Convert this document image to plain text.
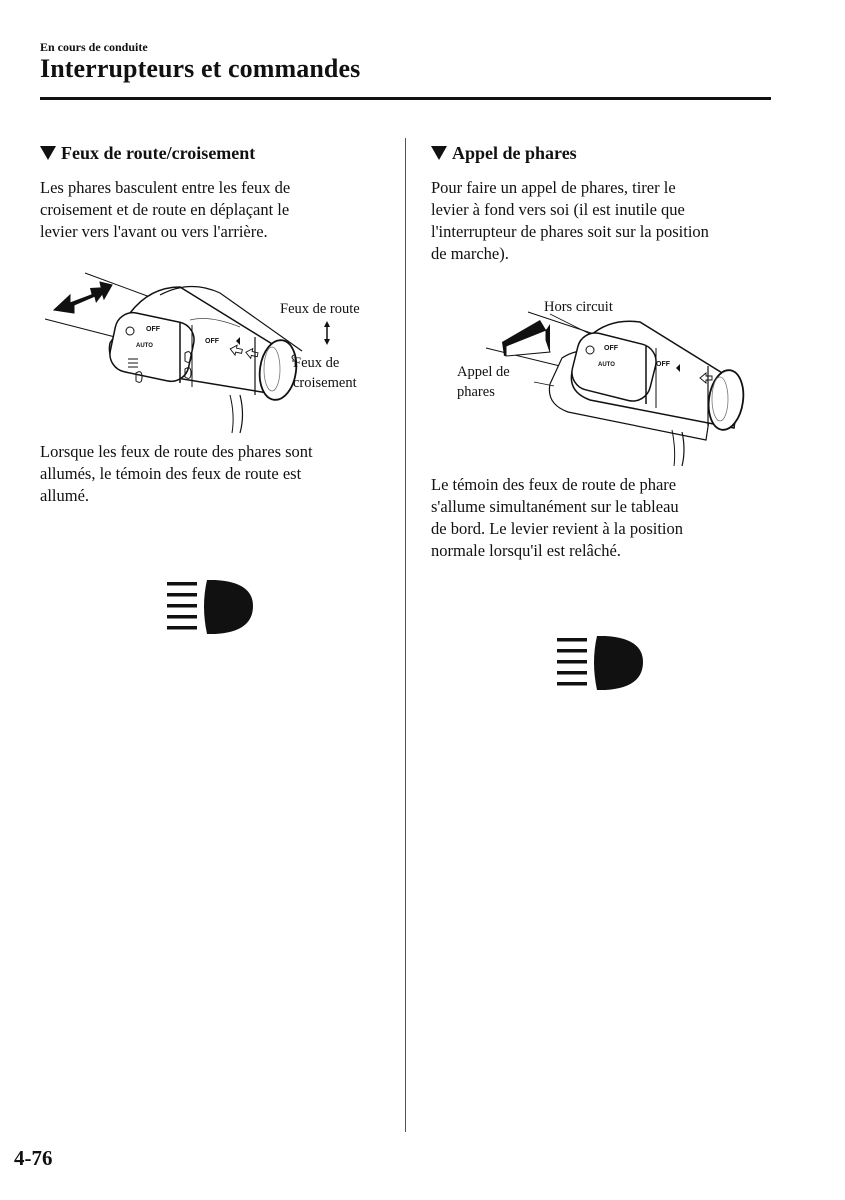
En cours de conduite
Interrupteurs et commandes
Feux de route/croisement
Les phares basculent entre les feux de
croisement et de route en déplaçant le
levier vers l'avant ou vers l'arrière.
OFF
AUTO
OFF
Feux de route
Feux de
croisement
Lorsque les feux de route des phares sont
allumés, le témoin des feux de route est
allumé.
Appel de phares
Pour faire un appel de phares, tirer le
levier à fond vers soi (il est inutile que
l'interrupteur de phares soit sur la position
de marche).
OFF
AUTO	OFF
Hors circuit
Appel de
phares
Le témoin des feux de route de phare
s'allume simultanément sur le tableau
de bord. Le levier revient à la position
normale lorsqu'il est relâché.
4-76
